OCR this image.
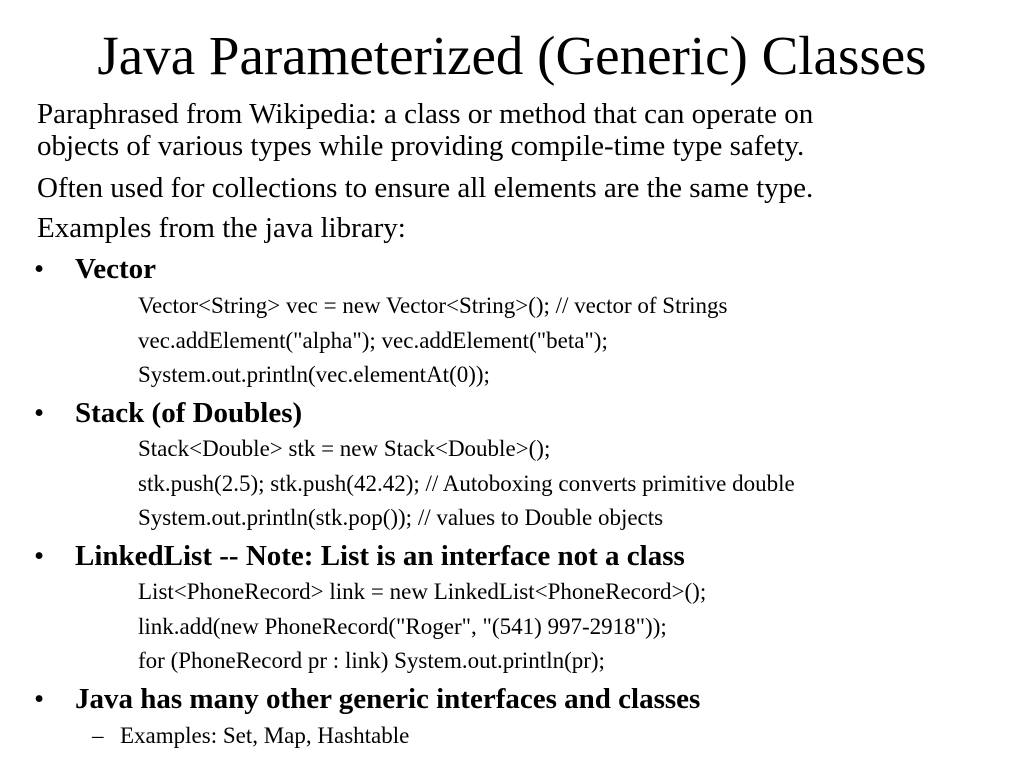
Java Parameterized (Generic) Classes
Paraphrased from Wikipedia: a class or method that can operate on
objects of various types while providing compile-time type safety.
Often used for collections to ensure all elements are the same type.
Examples from the java library:
• Vector
Vector<String> vec = new Vector<String>(); // vector of Strings
vec.addElement("alpha"); vec.addElement("beta");
System.out.println(vec.elementAt(0));
• Stack (of Doubles)
Stack<Double> stk = new Stack<Double>();
stk.push(2.5); stk.push(42.42); // Autoboxing converts primitive double
System.out.println(stk.pop()); // values to Double objects
• LinkedList -- Note: List is an interface not a class
List<PhoneRecord> link = new LinkedList<PhoneRecord>();
link.add(new PhoneRecord("Roger", "(541) 997-2918"));
for (PhoneRecord pr : link) System.out.println(pr);
• Java has many other generic interfaces and classes
– Examples: Set, Map, Hashtable
